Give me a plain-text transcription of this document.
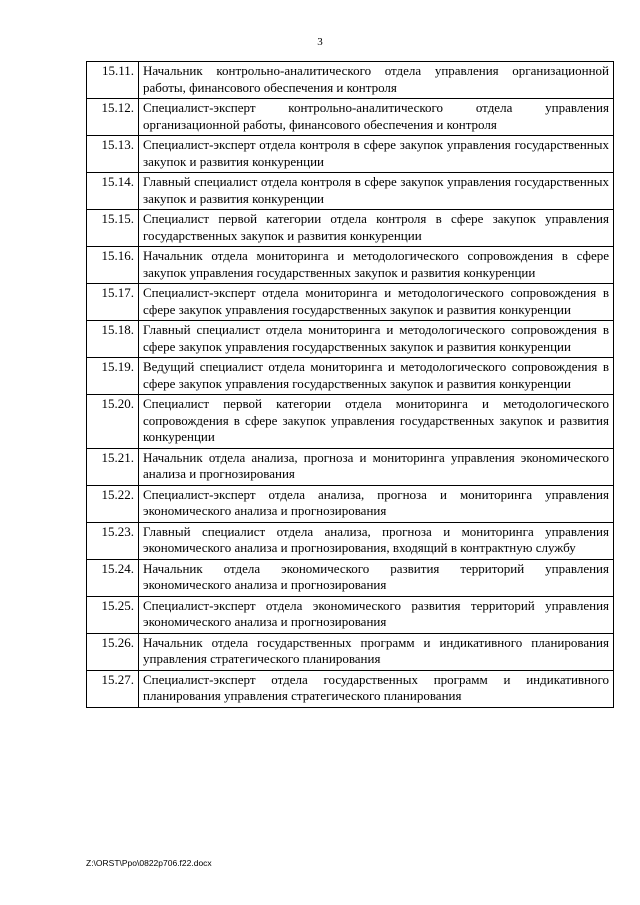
3
15.11.	Начальник контрольно-аналитического отдела управления организационной работы, финансового обеспечения и контроля
15.12.	Специалист-эксперт контрольно-аналитического отдела управления организационной работы, финансового обеспечения и контроля
15.13.	Специалист-эксперт отдела контроля в сфере закупок управления государственных закупок и развития конкуренции
15.14.	Главный специалист отдела контроля в сфере закупок управления государственных закупок и развития конкуренции
15.15.	Специалист первой категории отдела контроля в сфере закупок управления государственных закупок и развития конкуренции
15.16.	Начальник отдела мониторинга и методологического сопровождения в сфере закупок управления государственных закупок и развития конкуренции
15.17.	Специалист-эксперт отдела мониторинга и методологического сопровождения в сфере закупок управления государственных закупок и развития конкуренции
15.18.	Главный специалист отдела мониторинга и методологического сопровождения в сфере закупок управления государственных закупок и развития конкуренции
15.19.	Ведущий специалист отдела мониторинга и методологического сопровождения в сфере закупок управления государственных закупок и развития конкуренции
15.20.	Специалист первой категории отдела мониторинга и методологического сопровождения в сфере закупок управления государственных закупок и развития конкуренции
15.21.	Начальник отдела анализа, прогноза и мониторинга управления экономического анализа и прогнозирования
15.22.	Специалист-эксперт отдела анализа, прогноза и мониторинга управления экономического анализа и прогнозирования
15.23.	Главный специалист отдела анализа, прогноза и мониторинга управления экономического анализа и прогнозирования, входящий в контрактную службу
15.24.	Начальник отдела экономического развития территорий управления экономического анализа и прогнозирования
15.25.	Специалист-эксперт отдела экономического развития территорий управления экономического анализа и прогнозирования
15.26.	Начальник отдела государственных программ и индикативного планирования управления стратегического планирования
15.27.	Специалист-эксперт отдела государственных программ и индикативного планирования управления стратегического планирования
Z:\ORST\Ppo\0822p706.f22.docx
